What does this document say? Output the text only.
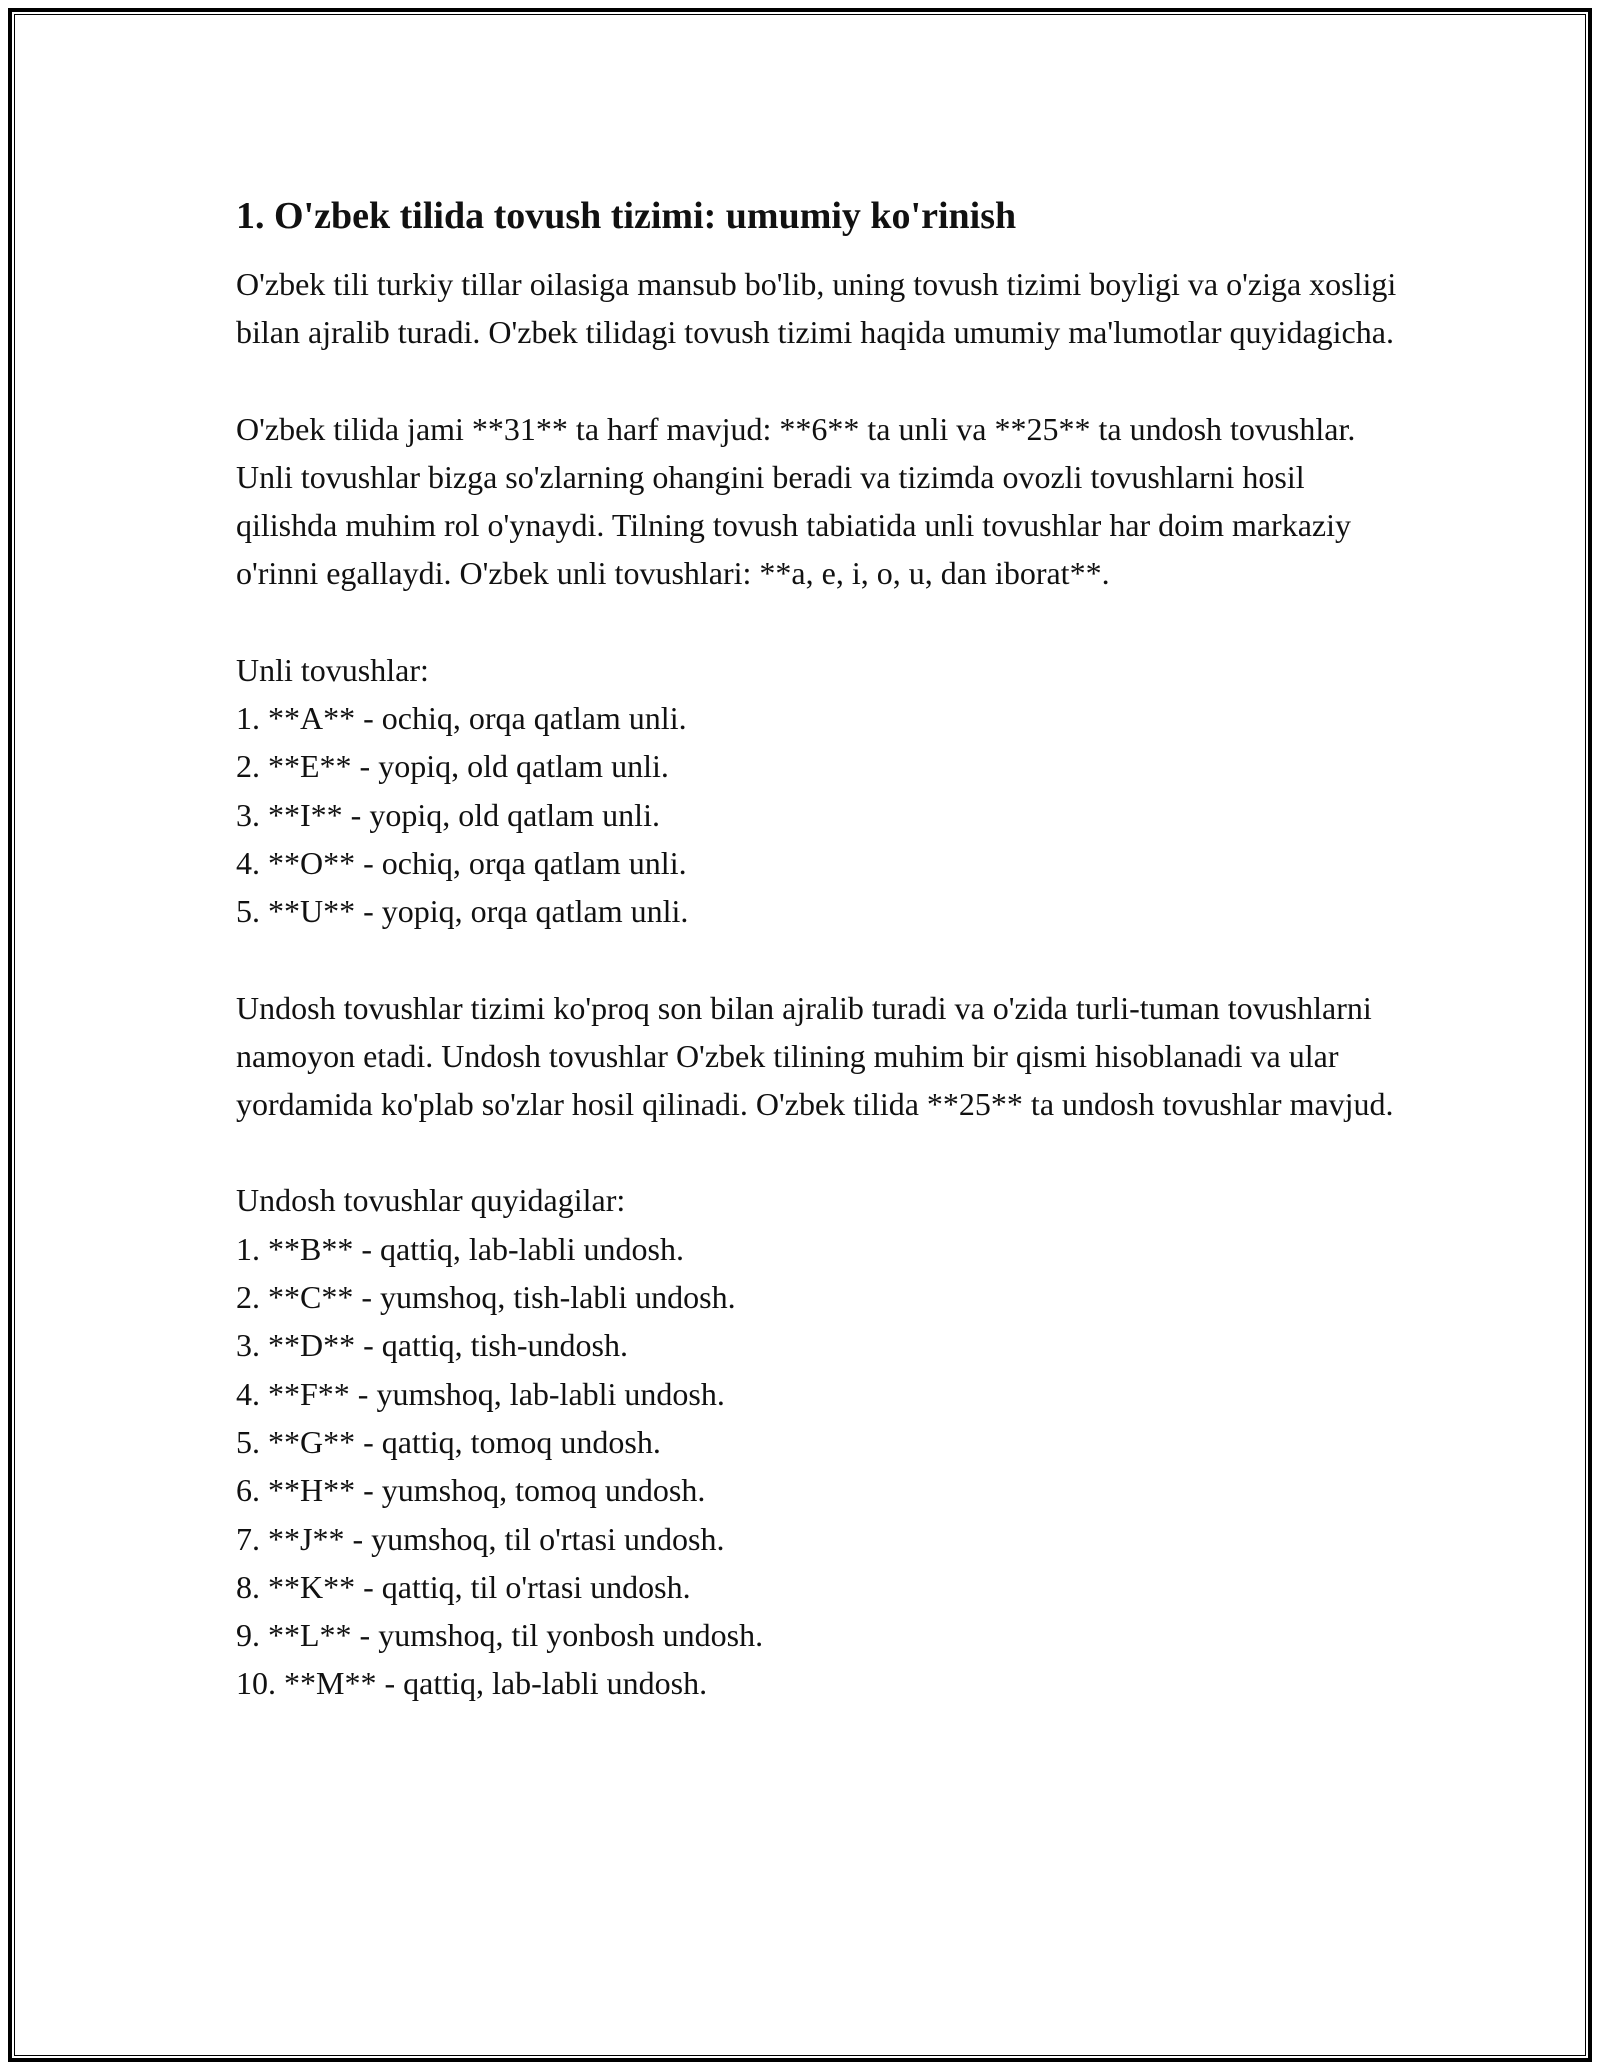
1. O'zbek tilida tovush tizimi: umumiy ko'rinish

O'zbek tili turkiy tillar oilasiga mansub bo'lib, uning tovush tizimi boyligi va o'ziga xosligi bilan ajralib turadi. O'zbek tilidagi tovush tizimi haqida umumiy ma'lumotlar quyidagicha.

O'zbek tilida jami **31** ta harf mavjud: **6** ta unli va **25** ta undosh tovushlar. Unli tovushlar bizga so'zlarning ohangini beradi va tizimda ovozli tovushlarni hosil qilishda muhim rol o'ynaydi. Tilning tovush tabiatida unli tovushlar har doim markaziy o'rinni egallaydi. O'zbek unli tovushlari: **a, e, i, o, u, dan iborat**.

Unli tovushlar:

1. **A** - ochiq, orqa qatlam unli.
2. **E** - yopiq, old qatlam unli.
3. **I** - yopiq, old qatlam unli.
4. **O** - ochiq, orqa qatlam unli.
5. **U** - yopiq, orqa qatlam unli.

Undosh tovushlar tizimi ko'proq son bilan ajralib turadi va o'zida turli-tuman tovushlarni namoyon etadi. Undosh tovushlar O'zbek tilining muhim bir qismi hisoblanadi va ular yordamida ko'plab so'zlar hosil qilinadi. O'zbek tilida **25** ta undosh tovushlar mavjud.

Undosh tovushlar quyidagilar:

1. **B** - qattiq, lab-labli undosh.
2. **C** - yumshoq, tish-labli undosh.
3. **D** - qattiq, tish-undosh.
4. **F** - yumshoq, lab-labli undosh.
5. **G** - qattiq, tomoq undosh.
6. **H** - yumshoq, tomoq undosh.
7. **J** - yumshoq, til o'rtasi undosh.
8. **K** - qattiq, til o'rtasi undosh.
9. **L** - yumshoq, til yonbosh undosh.
10. **M** - qattiq, lab-labli undosh.
